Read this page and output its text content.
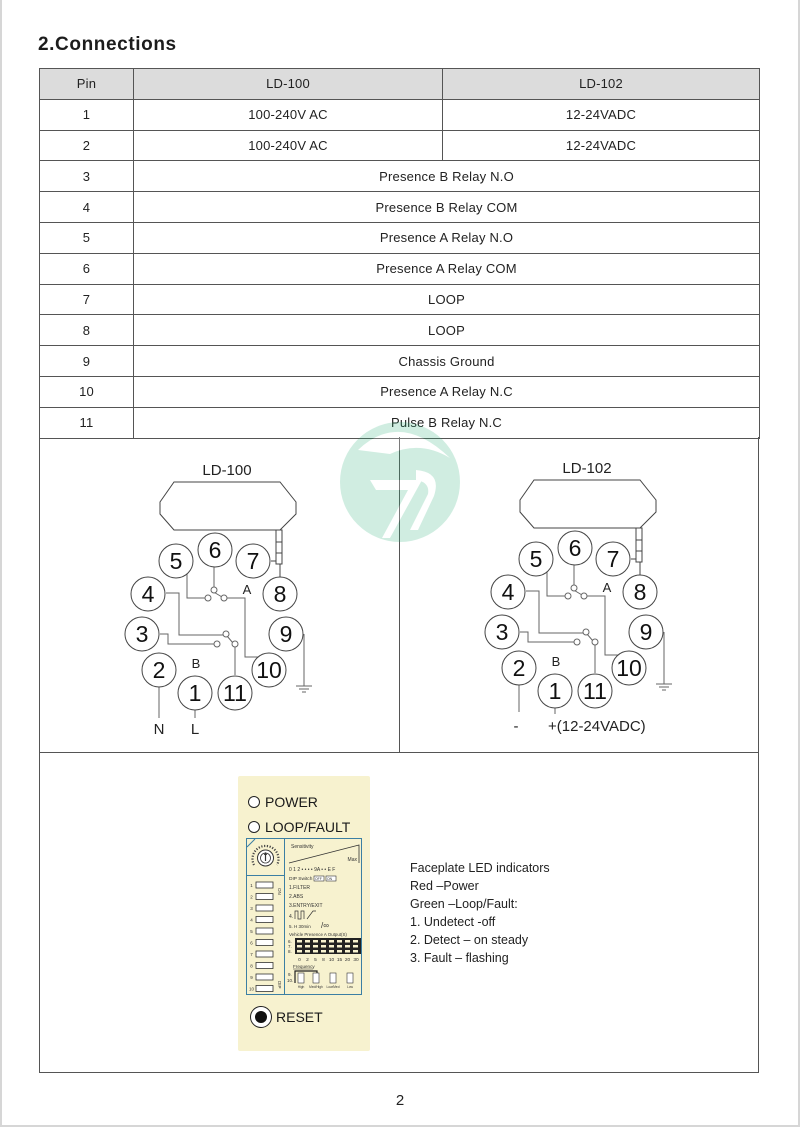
2.Connections
Pin	LD-100	LD-102
1	100-240V AC	12-24VADC
2	100-240V AC	12-24VADC
3	Presence B Relay N.O	
4	Presence B Relay COM	
5	Presence A Relay N.O	
6	Presence A Relay COM	
7	LOOP	
8	LOOP	
9	Chassis Ground	
10	Presence A Relay N.C	
11	Pulse B Relay N.C	
LD-100
A
B
N L
5 6 7
4	8
3	9
2	10
1 11
LD-102
A
B
- +(12-24VADC)
5 6 7
4	8
3	9
2	10
1 11
POWER
LOOP/FAULT
1
2
3
4
5
6
7
8
9
10
ON
DIP
Sensitivity
Max
0 1 2 • • • • 9A • • E F
DIP Switch OFF ON
1.FILTER
2.ABS
3.ENTRY/EXIT
4.
5. H 30min /∞
Vehicle Presence A Output(S)
6.
7.
8.
0 2 5 8 10 15 20 30
Frequency
9.
10.
High Med/High Low/Med Low
RESET
Faceplate LED indicators
Red –Power
Green –Loop/Fault:
1. Undetect -off
2. Detect – on steady
3. Fault – flashing
2
